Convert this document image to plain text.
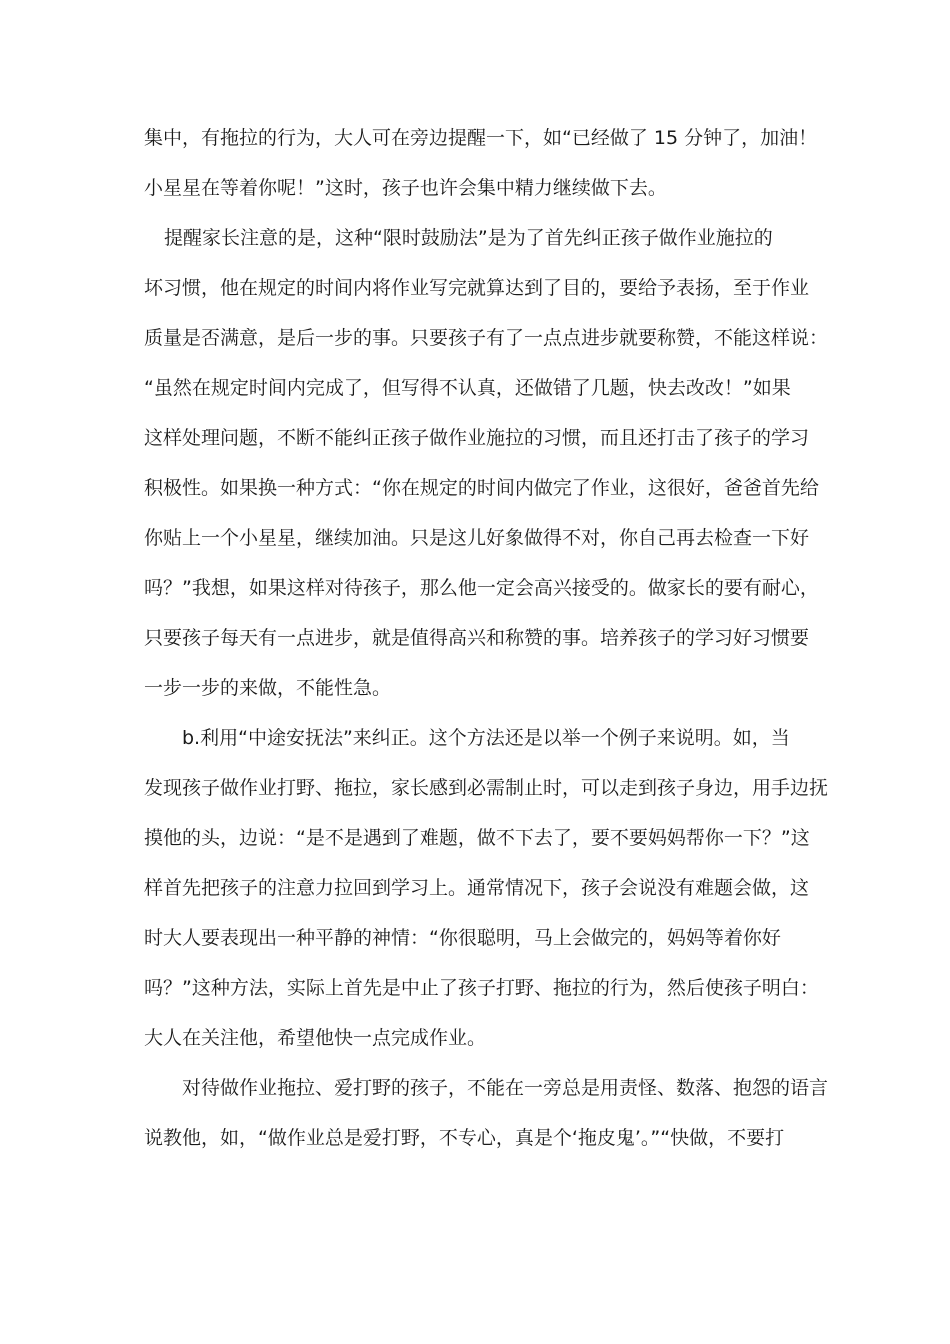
集中，有拖拉的行为，大人可在旁边提醒一下，如“已经做了 15 分钟了，加油！
小星星在等着你呢！”这时，孩子也许会集中精力继续做下去。
提醒家长注意的是，这种“限时鼓励法”是为了首先纠正孩子做作业施拉的
坏习惯，他在规定的时间内将作业写完就算达到了目的，要给予表扬，至于作业
质量是否满意，是后一步的事。只要孩子有了一点点进步就要称赞，不能这样说：
“虽然在规定时间内完成了，但写得不认真，还做错了几题，快去改改！”如果
这样处理问题，不断不能纠正孩子做作业施拉的习惯，而且还打击了孩子的学习
积极性。如果换一种方式：“你在规定的时间内做完了作业，这很好，爸爸首先给
你贴上一个小星星，继续加油。只是这儿好象做得不对，你自己再去检查一下好
吗？”我想，如果这样对待孩子，那么他一定会高兴接受的。做家长的要有耐心，
只要孩子每天有一点进步，就是值得高兴和称赞的事。培养孩子的学习好习惯要
一步一步的来做，不能性急。
b.利用“中途安抚法”来纠正。这个方法还是以举一个例子来说明。如，当
发现孩子做作业打野、拖拉，家长感到必需制止时，可以走到孩子身边，用手边抚
摸他的头，边说：“是不是遇到了难题，做不下去了，要不要妈妈帮你一下？”这
样首先把孩子的注意力拉回到学习上。通常情况下，孩子会说没有难题会做，这
时大人要表现出一种平静的神情：“你很聪明，马上会做完的，妈妈等着你好
吗？”这种方法，实际上首先是中止了孩子打野、拖拉的行为，然后使孩子明白：
大人在关注他，希望他快一点完成作业。
对待做作业拖拉、爱打野的孩子，不能在一旁总是用责怪、数落、抱怨的语言
说教他，如，“做作业总是爱打野，不专心，真是个‘拖皮鬼’。”“快做，不要打
